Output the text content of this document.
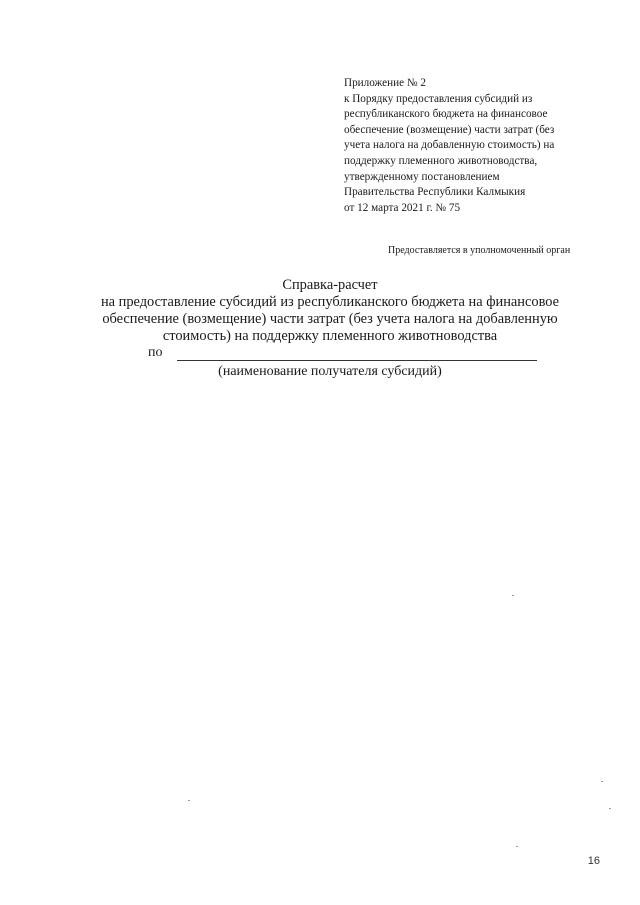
Приложение № 2
к Порядку предоставления субсидий из
республиканского бюджета на финансовое
обеспечение (возмещение) части затрат (без
учета налога на добавленную стоимость) на
поддержку племенного животноводства,
утвержденному постановлением
Правительства Республики Калмыкия
от 12 марта 2021 г. № 75
Предоставляется в уполномоченный орган
Справка-расчет
на предоставление субсидий из республиканского бюджета на финансовое
обеспечение (возмещение) части затрат (без учета налога на добавленную
стоимость) на поддержку племенного животноводства
по
(наименование получателя субсидий)
16
